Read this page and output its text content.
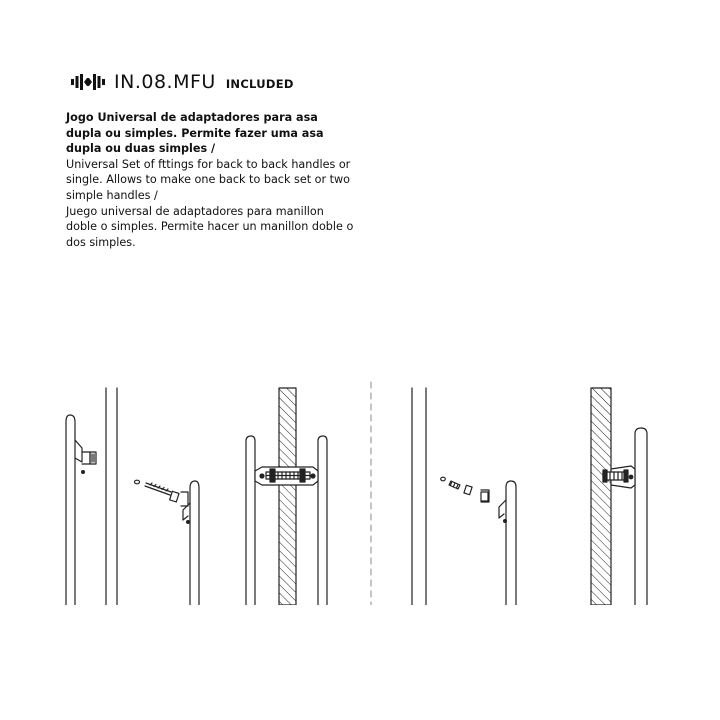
IN.08.MFU INCLUDED

Jogo Universal de adaptadores para asa dupla ou simples. Permite fazer uma asa dupla ou duas simples /

Universal Set of fttings for back to back handles or single. Allows to make one back to back set or two simple handles /

Juego universal de adaptadores para manillon doble o simples. Permite hacer un manillon doble o dos simples.
